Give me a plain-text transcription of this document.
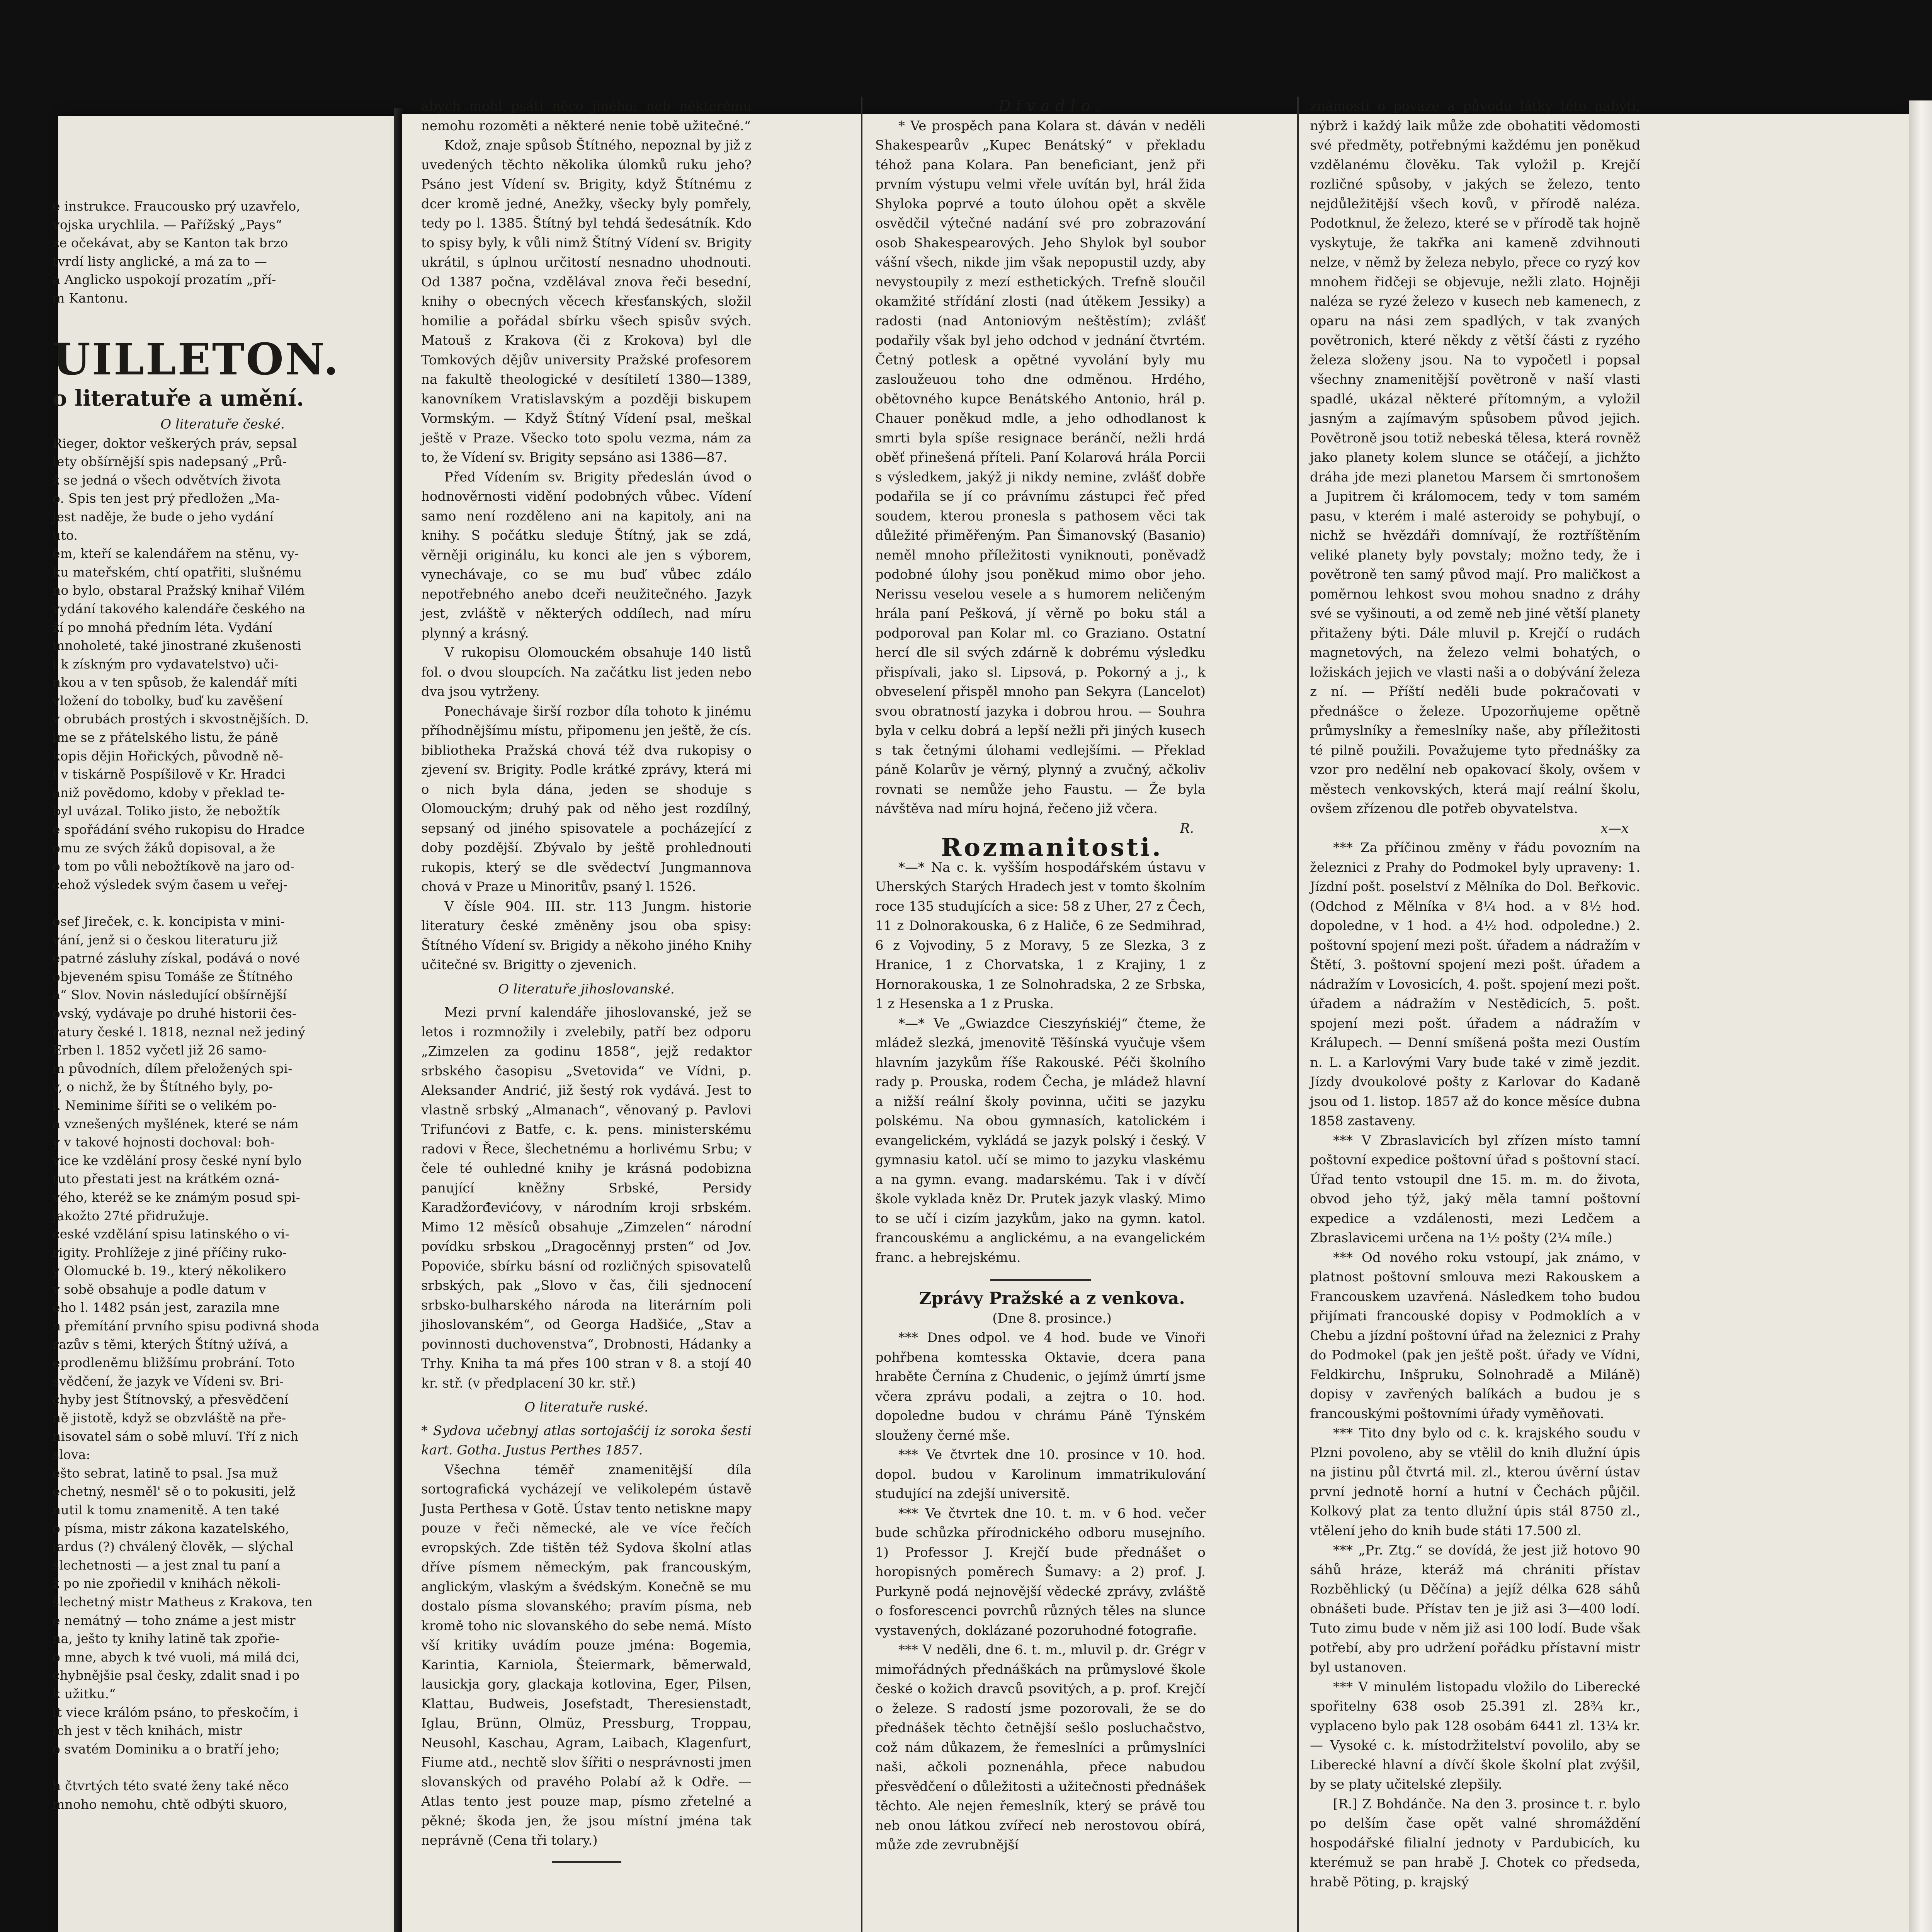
é instrukce. Fraucousko prý uzavřelo,

vojska urychlila. — Pařížský „Pays“

ze očekávat, aby se Kanton tak brzo

tvrdí listy anglické, a má za to —

a Anglicko uspokojí prozatím „pří-

m Kantonu.

UILLETON.
o literatuře a umění.
O literatuře české.

Rieger, doktor veškerých práv, sepsal

lety obšírnější spis nadepsaný „Prů-

ž se jedná o všech odvětvích života

o. Spis ten jest prý předložen „Ma-

jest naděje, že bude o jeho vydání

uto.

ěm, kteří se kalendářem na stěnu, vy-

ku mateřském, chtí opatřiti, slušnému

no bylo, obstaral Pražský knihař Vilém

vydání takového kalendáře českého na

ží po mnohá předním léta. Vydání

mnoholeté, také jinostrané zkušenosti

i k získným pro vydavatelstvo) uči-

nkou a v ten spůsob, že kalendář míti

vložení do tobolky, buď ku zavěšení

v obrubách prostých i skvostnějších. D.

ime se z přátelského listu, že páně

kopis dějin Hořických, původně ně-

i v tiskárně Pospíšilově v Kr. Hradci

aniž povědomo, kdoby v překlad te-

byl uvázal. Toliko jisto, že nebožtík

e spořádání svého rukopisu do Hradce

omu ze svých žáků dopisoval, a že

o tom po vůli nebožtíkově na jaro od-

čehož výsledek svým časem u veřej-

osef Jireček, c. k. koncipista v mini-

vání, jenž si o českou literaturu již

epatrné zásluhy získal, podává o nové

objeveném spisu Tomáše ze Štítného

a“ Slov. Novin následující obšírnější

ovský, vydávaje po druhé historii čes-

ratury české l. 1818, neznal než jediný

Erben l. 1852 vyčetl již 26 samo-

m původních, dílem přeložených spi-

v, o nichž, že by Štítného byly, po-

i. Neminime šířiti se o velikém po-

a vznešených myšlének, které se nám

y v takové hojnosti dochoval: boh-

vice ke vzdělání prosy české nyní bylo

tuto přestati jest na krátkém ozná-

vého, kteréž se ke známým posud spi-

jakožto 27té přidružuje.

české vzdělání spisu latinského o vi-

rigity. Prohlížeje z jiné příčiny ruko-

y Olomucké b. 19., který několikero

v sobě obsahuje a podle datum v

ého l. 1482 psán jest, zarazila mne

n přemítání prvního spisu podivná shoda

razův s těmi, kterých Štítný užívá, a

eprodleněmu bližšímu probrání. Toto

svědčení, že jazyk ve Vídeni sv. Bri-

chyby jest Štítnovský, a přesvědčení

ně jistotě, když se obzvláště na pře-

nisovatel sám o sobě mluví. Tří z nich

slova:

ešto sebrat, latině to psal. Jsa muž

echetný, nesměl' sě o to pokusiti, jelž

nutil k tomu znamenitě. A ten také

o písma, mistr zákona kazatelského,

iardus (?) chválený člověk, — slýchal

šlechetnosti — a jest znal tu paní a

ž po nie zpořiedil v knihách několi-

šlechetný mistr Matheus z Krakova, ten

e nemátný — toho známe a jest mistr

na, ješto ty knihy latině tak zpořie-

o mne, abych k tvé vuoli, má milá dci,

chybnějšie psal česky, zdalit snad i po

k užitku.“

it viece králóm psáno, to přeskočím, i

ich jest v těch knihách, mistr

o svatém Dominiku a o bratří jeho;

h čtvrtých této svaté ženy také něco

mnoho nemohu, chtě odbýti skuoro,

abych mohl psáti něco jiného; neb některému nemohu rozoměti a některé nenie tobě užitečné.“

Kdož, znaje spůsob Štítného, nepoznal by již z uvedených těchto několika úlomků ruku jeho? Psáno jest Vídení sv. Brigity, když Štítnému z dcer kromě jedné, Anežky, všecky byly pomřely, tedy po l. 1385. Štítný byl tehdá šedesátník. Kdo to spisy byly, k vůli nimž Štítný Vídení sv. Brigity ukrátil, s úplnou určitostí nesnadno uhodnouti. Od 1387 počna, vzdělával znova řeči besední, knihy o obecných věcech křesťanských, složil homilie a pořádal sbírku všech spisův svých. Matouš z Krakova (či z Krokova) byl dle Tomkových dějův university Pražské profesorem na fakultě theologické v desítiletí 1380—1389, kanovníkem Vratislavským a později biskupem Vormským. — Když Štítný Vídení psal, meškal ještě v Praze. Všecko toto spolu vezma, nám za to, že Vídení sv. Brigity sepsáno asi 1386—87.

Před Vídením sv. Brigity předeslán úvod o hodnověrnosti vidění podobných vůbec. Vídení samo není rozděleno ani na kapitoly, ani na knihy. S počátku sleduje Štítný, jak se zdá, věrněji originálu, ku konci ale jen s výborem, vynechávaje, co se mu buď vůbec zdálo nepotřebného anebo dceři neužitečného. Jazyk jest, zvláště v některých oddílech, nad míru plynný a krásný.

V rukopisu Olomouckém obsahuje 140 listů fol. o dvou sloupcích. Na začátku list jeden nebo dva jsou vytrženy.

Ponechávaje širší rozbor díla tohoto k jinému příhodnějšímu místu, připomenu jen ještě, že cís. bibliotheka Pražská chová též dva rukopisy o zjevení sv. Brigity. Podle krátké zprávy, která mi o nich byla dána, jeden se shoduje s Olomouckým; druhý pak od něho jest rozdílný, sepsaný od jiného spisovatele a pocházející z doby pozdější. Zbývalo by ještě prohlednouti rukopis, který se dle svědectví Jungmannova chová v Praze u Minoritův, psaný l. 1526.

V čísle 904. III. str. 113 Jungm. historie literatury české změněny jsou oba spisy: Štítného Vídení sv. Brigidy a někoho jiného Knihy učitečné sv. Brigitty o zjevenich.

O literatuře jihoslovanské.

Mezi první kalendáře jihoslovanské, jež se letos i rozmnožily i zvelebily, patří bez odporu „Zimzelen za godinu 1858“, jejž redaktor srbského časopisu „Svetovida“ ve Vídni, p. Aleksander Andrić, již šestý rok vydává. Jest to vlastně srbský „Almanach“, věnovaný p. Pavlovi Trifunćovi z Batfe, c. k. pens. ministerskému radovi v Řece, šlechetnému a horlivému Srbu; v čele té ouhledné knihy je krásná podobizna panující kněžny Srbské, Persidy Karadžorđevićovy, v národním kroji srbském. Mimo 12 měsíců obsahuje „Zimzelen“ národní povídku srbskou „Dragocěnnyj prsten“ od Jov. Popoviće, sbírku básní od rozličných spisovatelů srbských, pak „Slovo v čas, čili sjednocení srbsko-bulharského národa na literárním poli jihoslovanském“, od Georga Hadšiće, „Stav a povinnosti duchovenstva“, Drobnosti, Hádanky a Trhy. Kniha ta má přes 100 stran v 8. a stojí 40 kr. stř. (v předplacení 30 kr. stř.)

O literatuře ruské.

* Sydova učebnyj atlas sortojašćij iz soroka šesti kart. Gotha. Justus Perthes 1857.

Všechna téměř znamenitější díla sortografická vycházejí ve velikolepém ústavě Justa Perthesa v Gotě. Ústav tento netiskne mapy pouze v řeči německé, ale ve více řečích evropských. Zde tištěn též Sydova školní atlas dříve písmem německým, pak francouským, anglickým, vlaským a švédským. Konečně se mu dostalo písma slovanského; pravím písma, neb kromě toho nic slovanského do sebe nemá. Místo vší kritiky uvádím pouze jména: Bogemia, Karintia, Karniola, Šteiermark, běmerwald, lausickja gory, glackaja kotlovina, Eger, Pilsen, Klattau, Budweis, Josefstadt, Theresienstadt, Iglau, Brünn, Olmüz, Pressburg, Troppau, Neusohl, Kaschau, Agram, Laibach, Klagenfurt, Fiume atd., nechtě slov šířiti o nesprávnosti jmen slovanských od pravého Polabí až k Odře. — Atlas tento jest pouze map, písmo zřetelné a pěkné; škoda jen, že jsou místní jména tak neprávně (Cena tři tolary.)

Divadlo.

* Ve prospěch pana Kolara st. dáván v neděli Shakespearův „Kupec Benátský“ v překladu téhož pana Kolara. Pan beneficiant, jenž při prvním výstupu velmi vřele uvítán byl, hrál žida Shyloka poprvé a touto úlohou opět a skvěle osvědčil výtečné nadání své pro zobrazování osob Shakespearových. Jeho Shylok byl soubor vášní všech, nikde jim však nepopustil uzdy, aby nevystoupily z mezí esthetických. Trefně sloučil okamžité střídání zlosti (nad útěkem Jessiky) a radosti (nad Antoniovým neštěstím); zvlášť podařily však byl jeho odchod v jednání čtvrtém. Četný potlesk a opětné vyvolání byly mu zasloužeuou toho dne odměnou. Hrdého, obětovného kupce Benátského Antonio, hrál p. Chauer poněkud mdle, a jeho odhodlanost k smrti byla spíše resignace beránčí, nežli hrdá oběť přinešená příteli. Paní Kolarová hrála Porcii s výsledkem, jakýž ji nikdy nemine, zvlášť dobře podařila se jí co právnímu zástupci řeč před soudem, kterou pronesla s pathosem věci tak důležité přiměřeným. Pan Šimanovský (Basanio) neměl mnoho příležitosti vyniknouti, poněvadž podobné úlohy jsou poněkud mimo obor jeho. Nerissu veselou vesele a s humorem neličeným hrála paní Pešková, jí věrně po boku stál a podporoval pan Kolar ml. co Graziano. Ostatní hercí dle sil svých zdárně k dobrému výsledku přispívali, jako sl. Lipsová, p. Pokorný a j., k obveselení přispěl mnoho pan Sekyra (Lancelot) svou obratností jazyka i dobrou hrou. — Souhra byla v celku dobrá a lepší nežli při jiných kusech s tak četnými úlohami vedlejšími. — Překlad páně Kolarův je věrný, plynný a zvučný, ačkoliv rovnati se nemůže jeho Faustu. — Že byla návštěva nad míru hojná, řečeno již včera.

R.

Rozmanitosti.

*—* Na c. k. vyšším hospodářském ústavu v Uherských Starých Hradech jest v tomto školním roce 135 studujících a sice: 58 z Uher, 27 z Čech, 11 z Dolnorakouska, 6 z Haliče, 6 ze Sedmihrad, 6 z Vojvodiny, 5 z Moravy, 5 ze Slezka, 3 z Hranice, 1 z Chorvatska, 1 z Krajiny, 1 z Hornorakouska, 1 ze Solnohradska, 2 ze Srbska, 1 z Hesenska a 1 z Pruska.

*—* Ve „Gwiazdce Cieszyńskiéj“ čteme, že mládež slezká, jmenovitě Těšínská vyučuje všem hlavním jazykům říše Rakouské. Péči školního rady p. Prouska, rodem Čecha, je mládež hlavní a nižší reální školy povinna, učiti se jazyku polskému. Na obou gymnasích, katolickém i evangelickém, vykládá se jazyk polský i český. V gymnasiu katol. učí se mimo to jazyku vlaskému a na gymn. evang. madarskému. Tak i v dívčí škole vyklada kněz Dr. Prutek jazyk vlaský. Mimo to se učí i cizím jazykům, jako na gymn. katol. francouskému a anglickému, a na evangelickém franc. a hebrejskému.

Zprávy Pražské a z venkova.

(Dne 8. prosince.)

*** Dnes odpol. ve 4 hod. bude ve Vinoři pohřbena komtesska Oktavie, dcera pana hraběte Černína z Chudenic, o jejímž úmrtí jsme včera zprávu podali, a zejtra o 10. hod. dopoledne budou v chrámu Páně Týnském slouženy černé mše.

*** Ve čtvrtek dne 10. prosince v 10. hod. dopol. budou v Karolinum immatrikulování studující na zdejší universitě.

*** Ve čtvrtek dne 10. t. m. v 6 hod. večer bude schůzka přírodnického odboru musejního. 1) Professor J. Krejčí bude přednášet o horopisných poměrech Šumavy: a 2) prof. J. Purkyně podá nejnovější vědecké zprávy, zvláště o fosforescenci povrchů různých těles na slunce vystavených, doklázané pozoruhodné fotografie.

*** V neděli, dne 6. t. m., mluvil p. dr. Grégr v mimořádných přednáškách na průmyslové škole české o kožich dravců psovitých, a p. prof. Krejčí o železe. S radostí jsme pozorovali, že se do přednášek těchto četnější sešlo posluchačstvo, což nám důkazem, že řemeslníci a průmyslníci naši, ačkoli poznenáhla, přece nabudou přesvědčení o důležitosti a užitečnosti přednášek těchto. Ale nejen řemeslník, který se právě tou neb onou látkou zvířecí neb nerostovou obírá, může zde zevrubnější

známosti o povaze a původu látky této nabýti, nýbrž i každý laik může zde obohatiti vědomosti své předměty, potřebnými každému jen poněkud vzdělanému člověku. Tak vyložil p. Krejčí rozličné spůsoby, v jakých se železo, tento nejdůležitější všech kovů, v přírodě naléza. Podotknul, že železo, které se v přírodě tak hojně vyskytuje, že takřka ani kameně zdvihnouti nelze, v němž by železa nebylo, přece co ryzý kov mnohem řidčeji se objevuje, nežli zlato. Hojněji naléza se ryzé železo v kusech neb kamenech, z oparu na nási zem spadlých, v tak zvaných povětronich, které někdy z větší části z ryzého železa složeny jsou. Na to vypočetl i popsal všechny znamenitější povětroně v naší vlasti spadlé, ukázal některé přítomným, a vyložil jasným a zajímavým spůsobem původ jejich. Povětroně jsou totiž nebeská tělesa, která rovněž jako planety kolem slunce se otáčejí, a jichžto dráha jde mezi planetou Marsem či smrtonošem a Jupitrem či králomocem, tedy v tom samém pasu, v kterém i malé asteroidy se pohybují, o nichž se hvězdáři domnívají, že roztříštěním veliké planety byly povstaly; možno tedy, že i povětroně ten samý původ mají. Pro maličkost a poměrnou lehkost svou mohou snadno z dráhy své se vyšinouti, a od země neb jiné větší planety přitaženy býti. Dále mluvil p. Krejčí o rudách magnetových, na železo velmi bohatých, o ložiskách jejich ve vlasti naši a o dobývání železa z ní. — Příští neděli bude pokračovati v přednášce o železe. Upozorňujeme opětně průmyslníky a řemeslníky naše, aby příležitosti té pilně použili. Považujeme tyto přednášky za vzor pro nedělní neb opakovací školy, ovšem v městech venkovských, která mají reální školu, ovšem zřízenou dle potřeb obyvatelstva.

x—x

*** Za příčinou změny v řádu povozním na železnici z Prahy do Podmokel byly upraveny: 1. Jízdní pošt. poselství z Mělníka do Dol. Beřkovic. (Odchod z Mělníka v 8¼ hod. a v 8½ hod. dopoledne, v 1 hod. a 4½ hod. odpoledne.) 2. poštovní spojení mezi pošt. úřadem a nádražím v Štětí, 3. poštovní spojení mezi pošt. úřadem a nádražím v Lovosicích, 4. pošt. spojení mezi pošt. úřadem a nádražím v Nestědicích, 5. pošt. spojení mezi pošt. úřadem a nádražím v Králupech. — Denní smíšená pošta mezi Oustím n. L. a Karlovými Vary bude také v zimě jezdit. Jízdy dvoukolové pošty z Karlovar do Kadaně jsou od 1. listop. 1857 až do konce měsíce dubna 1858 zastaveny.

*** V Zbraslavicích byl zřízen místo tamní poštovní expedice poštovní úřad s poštovní stací. Úřad tento vstoupil dne 15. m. m. do života, obvod jeho týž, jaký měla tamní poštovní expedice a vzdálenosti, mezi Ledčem a Zbraslavicemi určena na 1½ pošty (2¼ míle.)

*** Od nového roku vstoupí, jak známo, v platnost poštovní smlouva mezi Rakouskem a Francouskem uzavřená. Následkem toho budou přijímati francouské dopisy v Podmoklích a v Chebu a jízdní poštovní úřad na železnici z Prahy do Podmokel (pak jen ještě pošt. úřady ve Vídni, Feldkirchu, Inšpruku, Solnohradě a Miláně) dopisy v zavřených balíkách a budou je s francouskými poštovními úřady vyměňovati.

*** Tito dny bylo od c. k. krajského soudu v Plzni povoleno, aby se vtělil do knih dlužní úpis na jistinu půl čtvrtá mil. zl., kterou úvěrní ústav první jednotě horní a hutní v Čechách půjčil. Kolkový plat za tento dlužní úpis stál 8750 zl., vtělení jeho do knih bude státi 17.500 zl.

*** „Pr. Ztg.“ se dovídá, že jest již hotovo 90 sáhů hráze, kteráž má chrániti přístav Rozběhlický (u Děčína) a jejíž délka 628 sáhů obnášeti bude. Přístav ten je již asi 3—400 lodí. Tuto zimu bude v něm již asi 100 lodí. Bude však potřebí, aby pro udržení pořádku přístavní mistr byl ustanoven.

*** V minulém listopadu vložilo do Liberecké spořitelny 638 osob 25.391 zl. 28¾ kr., vyplaceno bylo pak 128 osobám 6441 zl. 13¼ kr. — Vysoké c. k. místodržitelství povolilo, aby se Liberecké hlavní a dívčí škole školní plat zvýšil, by se platy učitelské zlepšily.

[R.] Z Bohdánče. Na den 3. prosince t. r. bylo po delším čase opět valné shromáždění hospodářské filialní jednoty v Pardubicích, ku kterémuž se pan hrabě J. Chotek co předseda, hrabě Pöting, p. krajský
